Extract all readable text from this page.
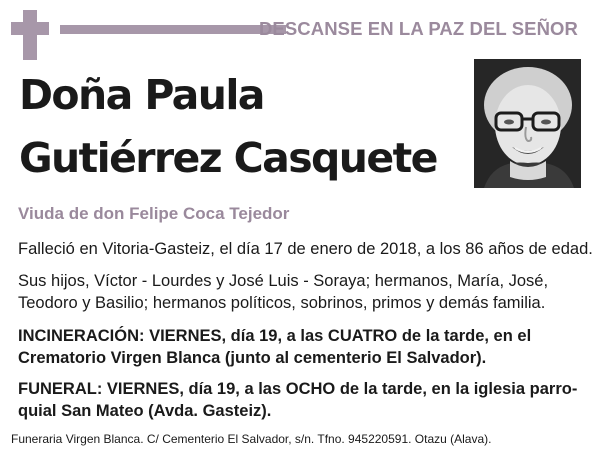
DESCANSE EN LA PAZ DEL SEÑOR
Doña Paula
Gutiérrez Casquete
Viuda de don Felipe Coca Tejedor
Falleció en Vitoria-Gasteiz, el día 17 de enero de 2018, a los 86 años de edad.
Sus hijos, Víctor - Lourdes y José Luis - Soraya; hermanos, María, José,
Teodoro y Basilio; hermanos políticos, sobrinos, primos y demás familia.
INCINERACIÓN: VIERNES, día 19, a las CUATRO de la tarde, en el
Crematorio Virgen Blanca (junto al cementerio El Salvador).
FUNERAL: VIERNES, día 19, a las OCHO de la tarde, en la iglesia parro-
quial San Mateo (Avda. Gasteiz).
Funeraria Virgen Blanca. C/ Cementerio El Salvador, s/n. Tfno. 945220591. Otazu (Alava).
